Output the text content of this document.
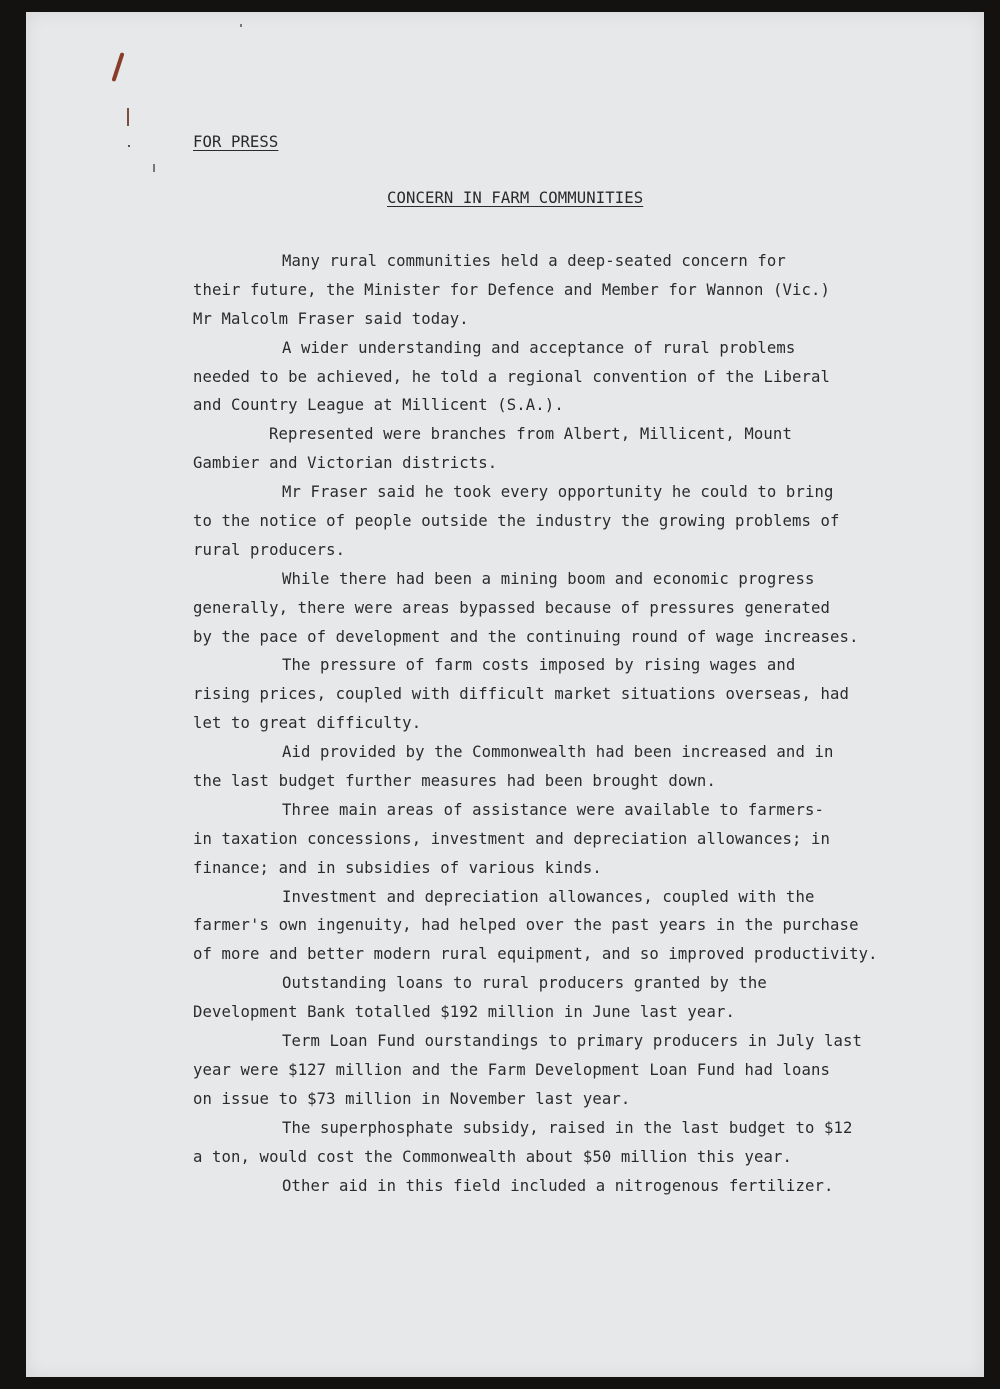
FOR PRESS
CONCERN IN FARM COMMUNITIES
Many rural communities held a deep-seated concern for
their future, the Minister for Defence and Member for Wannon (Vic.)
Mr Malcolm Fraser said today.
A wider understanding and acceptance of rural problems
needed to be achieved, he told a regional convention of the Liberal
and Country League at Millicent (S.A.).
Represented were branches from Albert, Millicent, Mount
Gambier and Victorian districts.
Mr Fraser said he took every opportunity he could to bring
to the notice of people outside the industry the growing problems of
rural producers.
While there had been a mining boom and economic progress
generally, there were areas bypassed because of pressures generated
by the pace of development and the continuing round of wage increases.
The pressure of farm costs imposed by rising wages and
rising prices, coupled with difficult market situations overseas, had
let to great difficulty.
Aid provided by the Commonwealth had been increased and in
the last budget further measures had been brought down.
Three main areas of assistance were available to farmers-
in taxation concessions, investment and depreciation allowances; in
finance; and in subsidies of various kinds.
Investment and depreciation allowances, coupled with the
farmer's own ingenuity, had helped over the past years in the purchase
of more and better modern rural equipment, and so improved productivity.
Outstanding loans to rural producers granted by the
Development Bank totalled $192 million in June last year.
Term Loan Fund ourstandings to primary producers in July last
year were $127 million and the Farm Development Loan Fund had loans
on issue to $73 million in November last year.
The superphosphate subsidy, raised in the last budget to $12
a ton, would cost the Commonwealth about $50 million this year.
Other aid in this field included a nitrogenous fertilizer.
